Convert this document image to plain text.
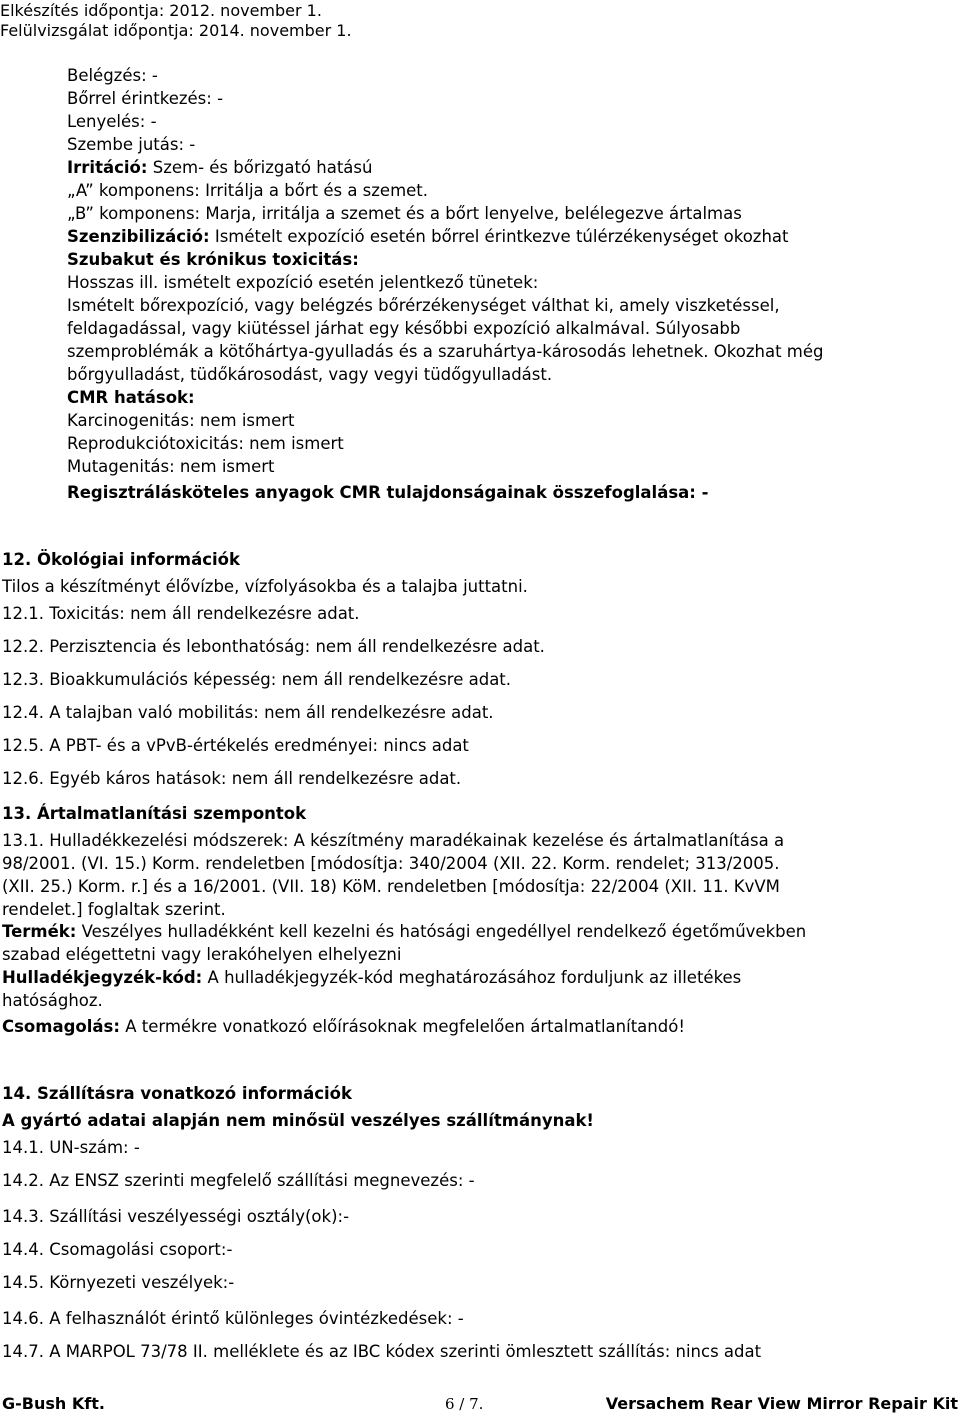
Elkészítés időpontja: 2012. november 1.
Felülvizsgálat időpontja: 2014. november 1.
Belégzés: -
Bőrrel érintkezés: -
Lenyelés: -
Szembe jutás: -
Irritáció: Szem- és bőrizgató hatású
„A” komponens: Irritálja a bőrt és a szemet.
„B” komponens: Marja, irritálja a szemet és a bőrt lenyelve, belélegezve ártalmas
Szenzibilizáció: Ismételt expozíció esetén bőrrel érintkezve túlérzékenységet okozhat
Szubakut és krónikus toxicitás:
Hosszas ill. ismételt expozíció esetén jelentkező tünetek:
Ismételt bőrexpozíció, vagy belégzés bőrérzékenységet válthat ki, amely viszketéssel,
feldagadással, vagy kiütéssel járhat egy későbbi expozíció alkalmával. Súlyosabb
szemproblémák a kötőhártya-gyulladás és a szaruhártya-károsodás lehetnek. Okozhat még
bőrgyulladást, tüdőkárosodást, vagy vegyi tüdőgyulladást.
CMR hatások:
Karcinogenitás: nem ismert
Reprodukciótoxicitás: nem ismert
Mutagenitás: nem ismert
Regisztrálásköteles anyagok CMR tulajdonságainak összefoglalása: -
12. Ökológiai információk
Tilos a készítményt élővízbe, vízfolyásokba és a talajba juttatni.
12.1. Toxicitás: nem áll rendelkezésre adat.
12.2. Perzisztencia és lebonthatóság: nem áll rendelkezésre adat.
12.3. Bioakkumulációs képesség: nem áll rendelkezésre adat.
12.4. A talajban való mobilitás: nem áll rendelkezésre adat.
12.5. A PBT- és a vPvB-értékelés eredményei: nincs adat
12.6. Egyéb káros hatások: nem áll rendelkezésre adat.
13. Ártalmatlanítási szempontok
13.1. Hulladékkezelési módszerek: A készítmény maradékainak kezelése és ártalmatlanítása a
98/2001. (VI. 15.) Korm. rendeletben [módosítja: 340/2004 (XII. 22. Korm. rendelet; 313/2005.
(XII. 25.) Korm. r.] és a 16/2001. (VII. 18) KöM. rendeletben [módosítja: 22/2004 (XII. 11. KvVM
rendelet.] foglaltak szerint.
Termék: Veszélyes hulladékként kell kezelni és hatósági engedéllyel rendelkező égetőművekben
szabad elégettetni vagy lerakóhelyen elhelyezni
Hulladékjegyzék-kód: A hulladékjegyzék-kód meghatározásához forduljunk az illetékes
hatósághoz.
Csomagolás: A termékre vonatkozó előírásoknak megfelelően ártalmatlanítandó!
14. Szállításra vonatkozó információk
A gyártó adatai alapján nem minősül veszélyes szállítmánynak!
14.1. UN-szám: -
14.2. Az ENSZ szerinti megfelelő szállítási megnevezés: -
14.3. Szállítási veszélyességi osztály(ok):-
14.4. Csomagolási csoport:-
14.5. Környezeti veszélyek:-
14.6. A felhasználót érintő különleges óvintézkedések: -
14.7. A MARPOL 73/78 II. melléklete és az IBC kódex szerinti ömlesztett szállítás: nincs adat
G-Bush Kft.	6 / 7.	Versachem Rear View Mirror Repair Kit
